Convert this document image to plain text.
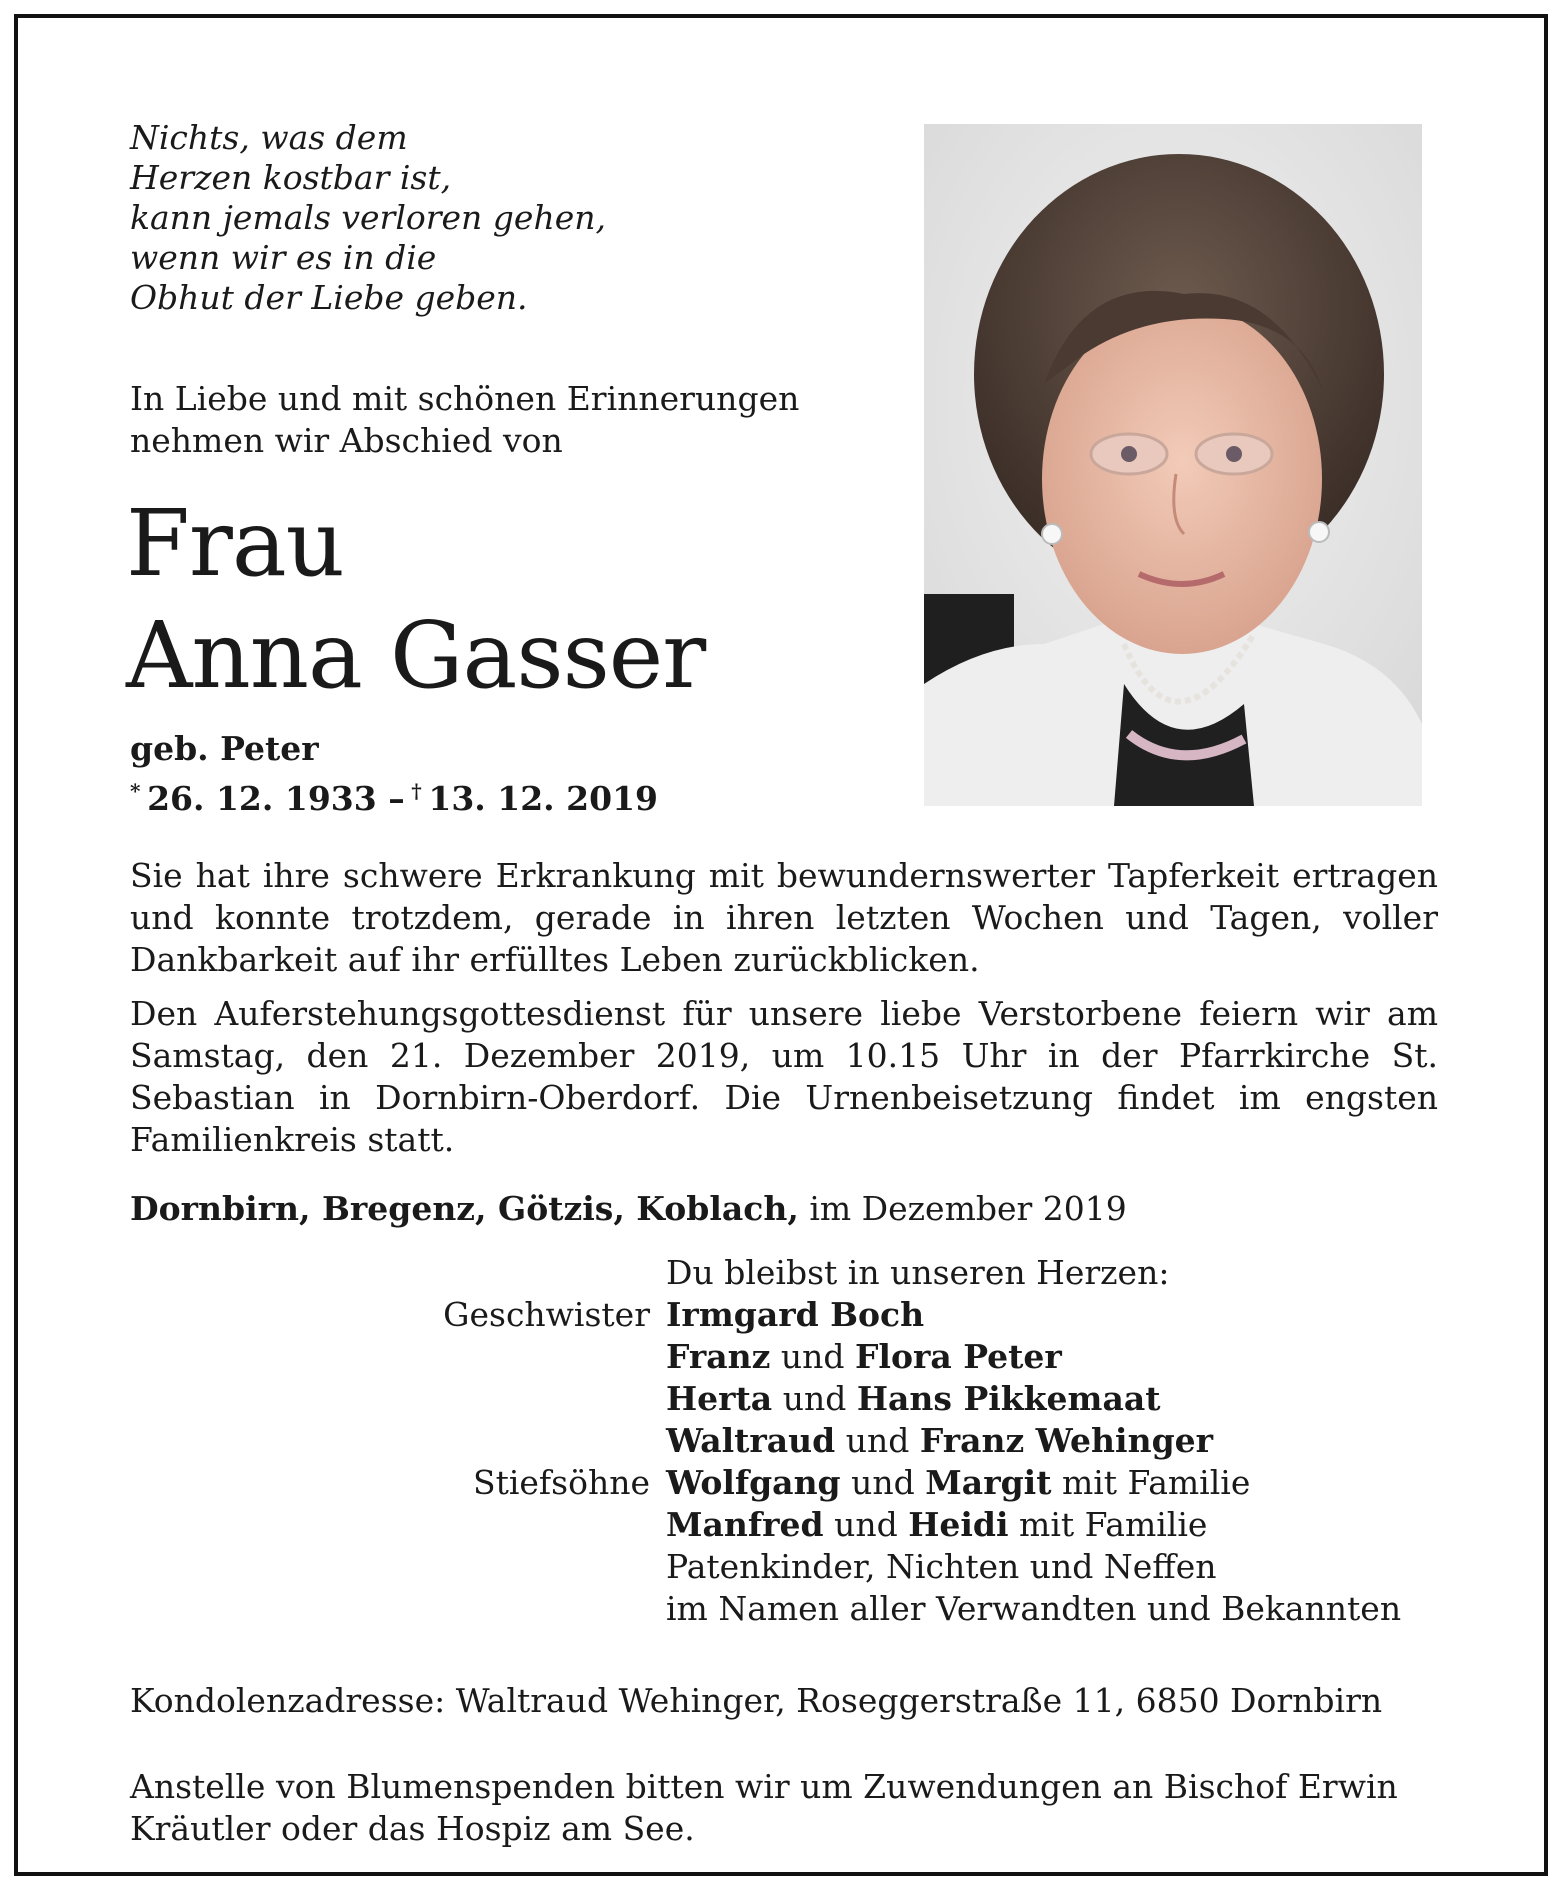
Nichts, was dem
Herzen kostbar ist,
kann jemals verloren gehen,
wenn wir es in die
Obhut der Liebe geben.
In Liebe und mit schönen Erinnerungen
nehmen wir Abschied von
Frau
Anna Gasser
geb. Peter
*  26. 12. 1933 –  †  13. 12. 2019
Sie hat ihre schwere Erkrankung mit bewundernswerter Tapferkeit ertragen und konnte trotzdem, gerade in ihren letzten Wochen und Tagen, voller Dankbarkeit auf ihr erfülltes Leben zurückblicken.
Den Auferstehungsgottesdienst für unsere liebe Verstorbene feiern wir am Samstag, den 21. Dezember 2019, um 10.15 Uhr in der Pfarrkirche St. Sebastian in Dornbirn-Oberdorf. Die Urnenbeisetzung findet im engsten Familienkreis statt.
Dornbirn, Bregenz, Götzis, Koblach, im Dezember 2019
Du bleibst in unseren Herzen:
Geschwister Irmgard Boch
Franz und Flora Peter
Herta und Hans Pikkemaat
Waltraud und Franz Wehinger
Stiefsöhne Wolfgang und Margit mit Familie
Manfred und Heidi mit Familie
Patenkinder, Nichten und Neffen
im Namen aller Verwandten und Bekannten
Kondolenzadresse: Waltraud Wehinger, Roseggerstraße 11, 6850 Dornbirn
Anstelle von Blumenspenden bitten wir um Zuwendungen an Bischof Erwin
Kräutler oder das Hospiz am See.
